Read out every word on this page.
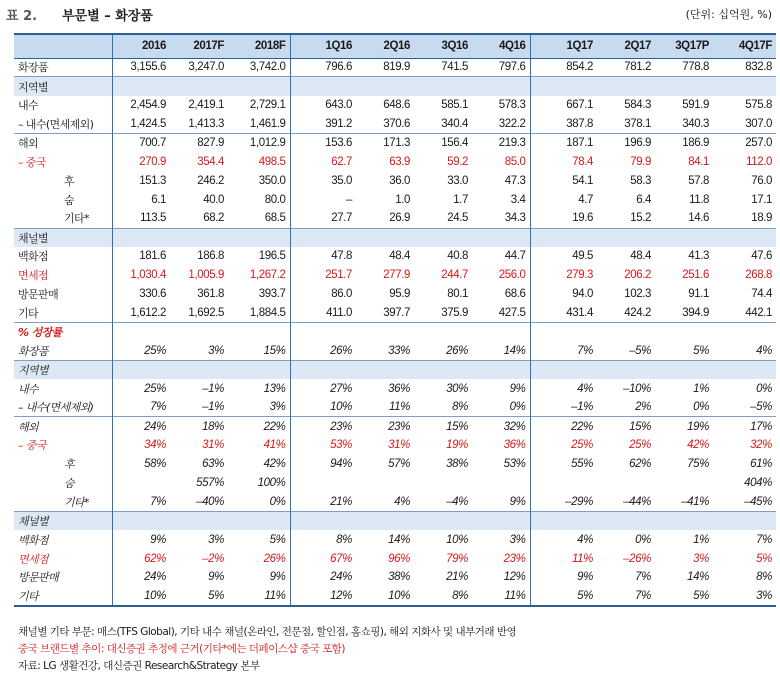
표 2. 부문별 – 화장품	(단위: 십억원, %)
	2016	2017F	2018F	1Q16	2Q16	3Q16	4Q16	1Q17	2Q17	3Q17P	4Q17F
화장품	3,155.6	3,247.0	3,742.0	796.6	819.9	741.5	797.6	854.2	781.2	778.8	832.8
지역별											
내수	2,454.9	2,419.1	2,729.1	643.0	648.6	585.1	578.3	667.1	584.3	591.9	575.8
– 내수(면세제외)	1,424.5	1,413.3	1,461.9	391.2	370.6	340.4	322.2	387.8	378.1	340.3	307.0
해외	700.7	827.9	1,012.9	153.6	171.3	156.4	219.3	187.1	196.9	186.9	257.0
– 중국	270.9	354.4	498.5	62.7	63.9	59.2	85.0	78.4	79.9	84.1	112.0
후	151.3	246.2	350.0	35.0	36.0	33.0	47.3	54.1	58.3	57.8	76.0
숨	6.1	40.0	80.0	–	1.0	1.7	3.4	4.7	6.4	11.8	17.1
기타*	113.5	68.2	68.5	27.7	26.9	24.5	34.3	19.6	15.2	14.6	18.9
채널별											
백화점	181.6	186.8	196.5	47.8	48.4	40.8	44.7	49.5	48.4	41.3	47.6
면세점	1,030.4	1,005.9	1,267.2	251.7	277.9	244.7	256.0	279.3	206.2	251.6	268.8
방문판매	330.6	361.8	393.7	86.0	95.9	80.1	68.6	94.0	102.3	91.1	74.4
기타	1,612.2	1,692.5	1,884.5	411.0	397.7	375.9	427.5	431.4	424.2	394.9	442.1
% 성장률											
화장품	25%	3%	15%	26%	33%	26%	14%	7%	–5%	5%	4%
지역별											
내수	25%	–1%	13%	27%	36%	30%	9%	4%	–10%	1%	0%
– 내수(면세제외)	7%	–1%	3%	10%	11%	8%	0%	–1%	2%	0%	–5%
해외	24%	18%	22%	23%	23%	15%	32%	22%	15%	19%	17%
– 중국	34%	31%	41%	53%	31%	19%	36%	25%	25%	42%	32%
후	58%	63%	42%	94%	57%	38%	53%	55%	62%	75%	61%
숨		557%	100%								404%
기타*	7%	–40%	0%	21%	4%	–4%	9%	–29%	–44%	–41%	–45%
채널별											
백화점	9%	3%	5%	8%	14%	10%	3%	4%	0%	1%	7%
면세점	62%	–2%	26%	67%	96%	79%	23%	11%	–26%	3%	5%
방문판매	24%	9%	9%	24%	38%	21%	12%	9%	7%	14%	8%
기타	10%	5%	11%	12%	10%	8%	11%	5%	7%	5%	3%
채널별 기타 부문: 매스(TFS Global), 기타 내수 채널(온라인, 전문점, 할인점, 홈쇼핑), 해외 지화사 및 내부거래 반영
중국 브랜드별 추이: 대신증권 추정에 근거(기타*에는 더페이스샵 중국 포함)
자료: LG 생활건강, 대신증권 Research&Strategy 본부
